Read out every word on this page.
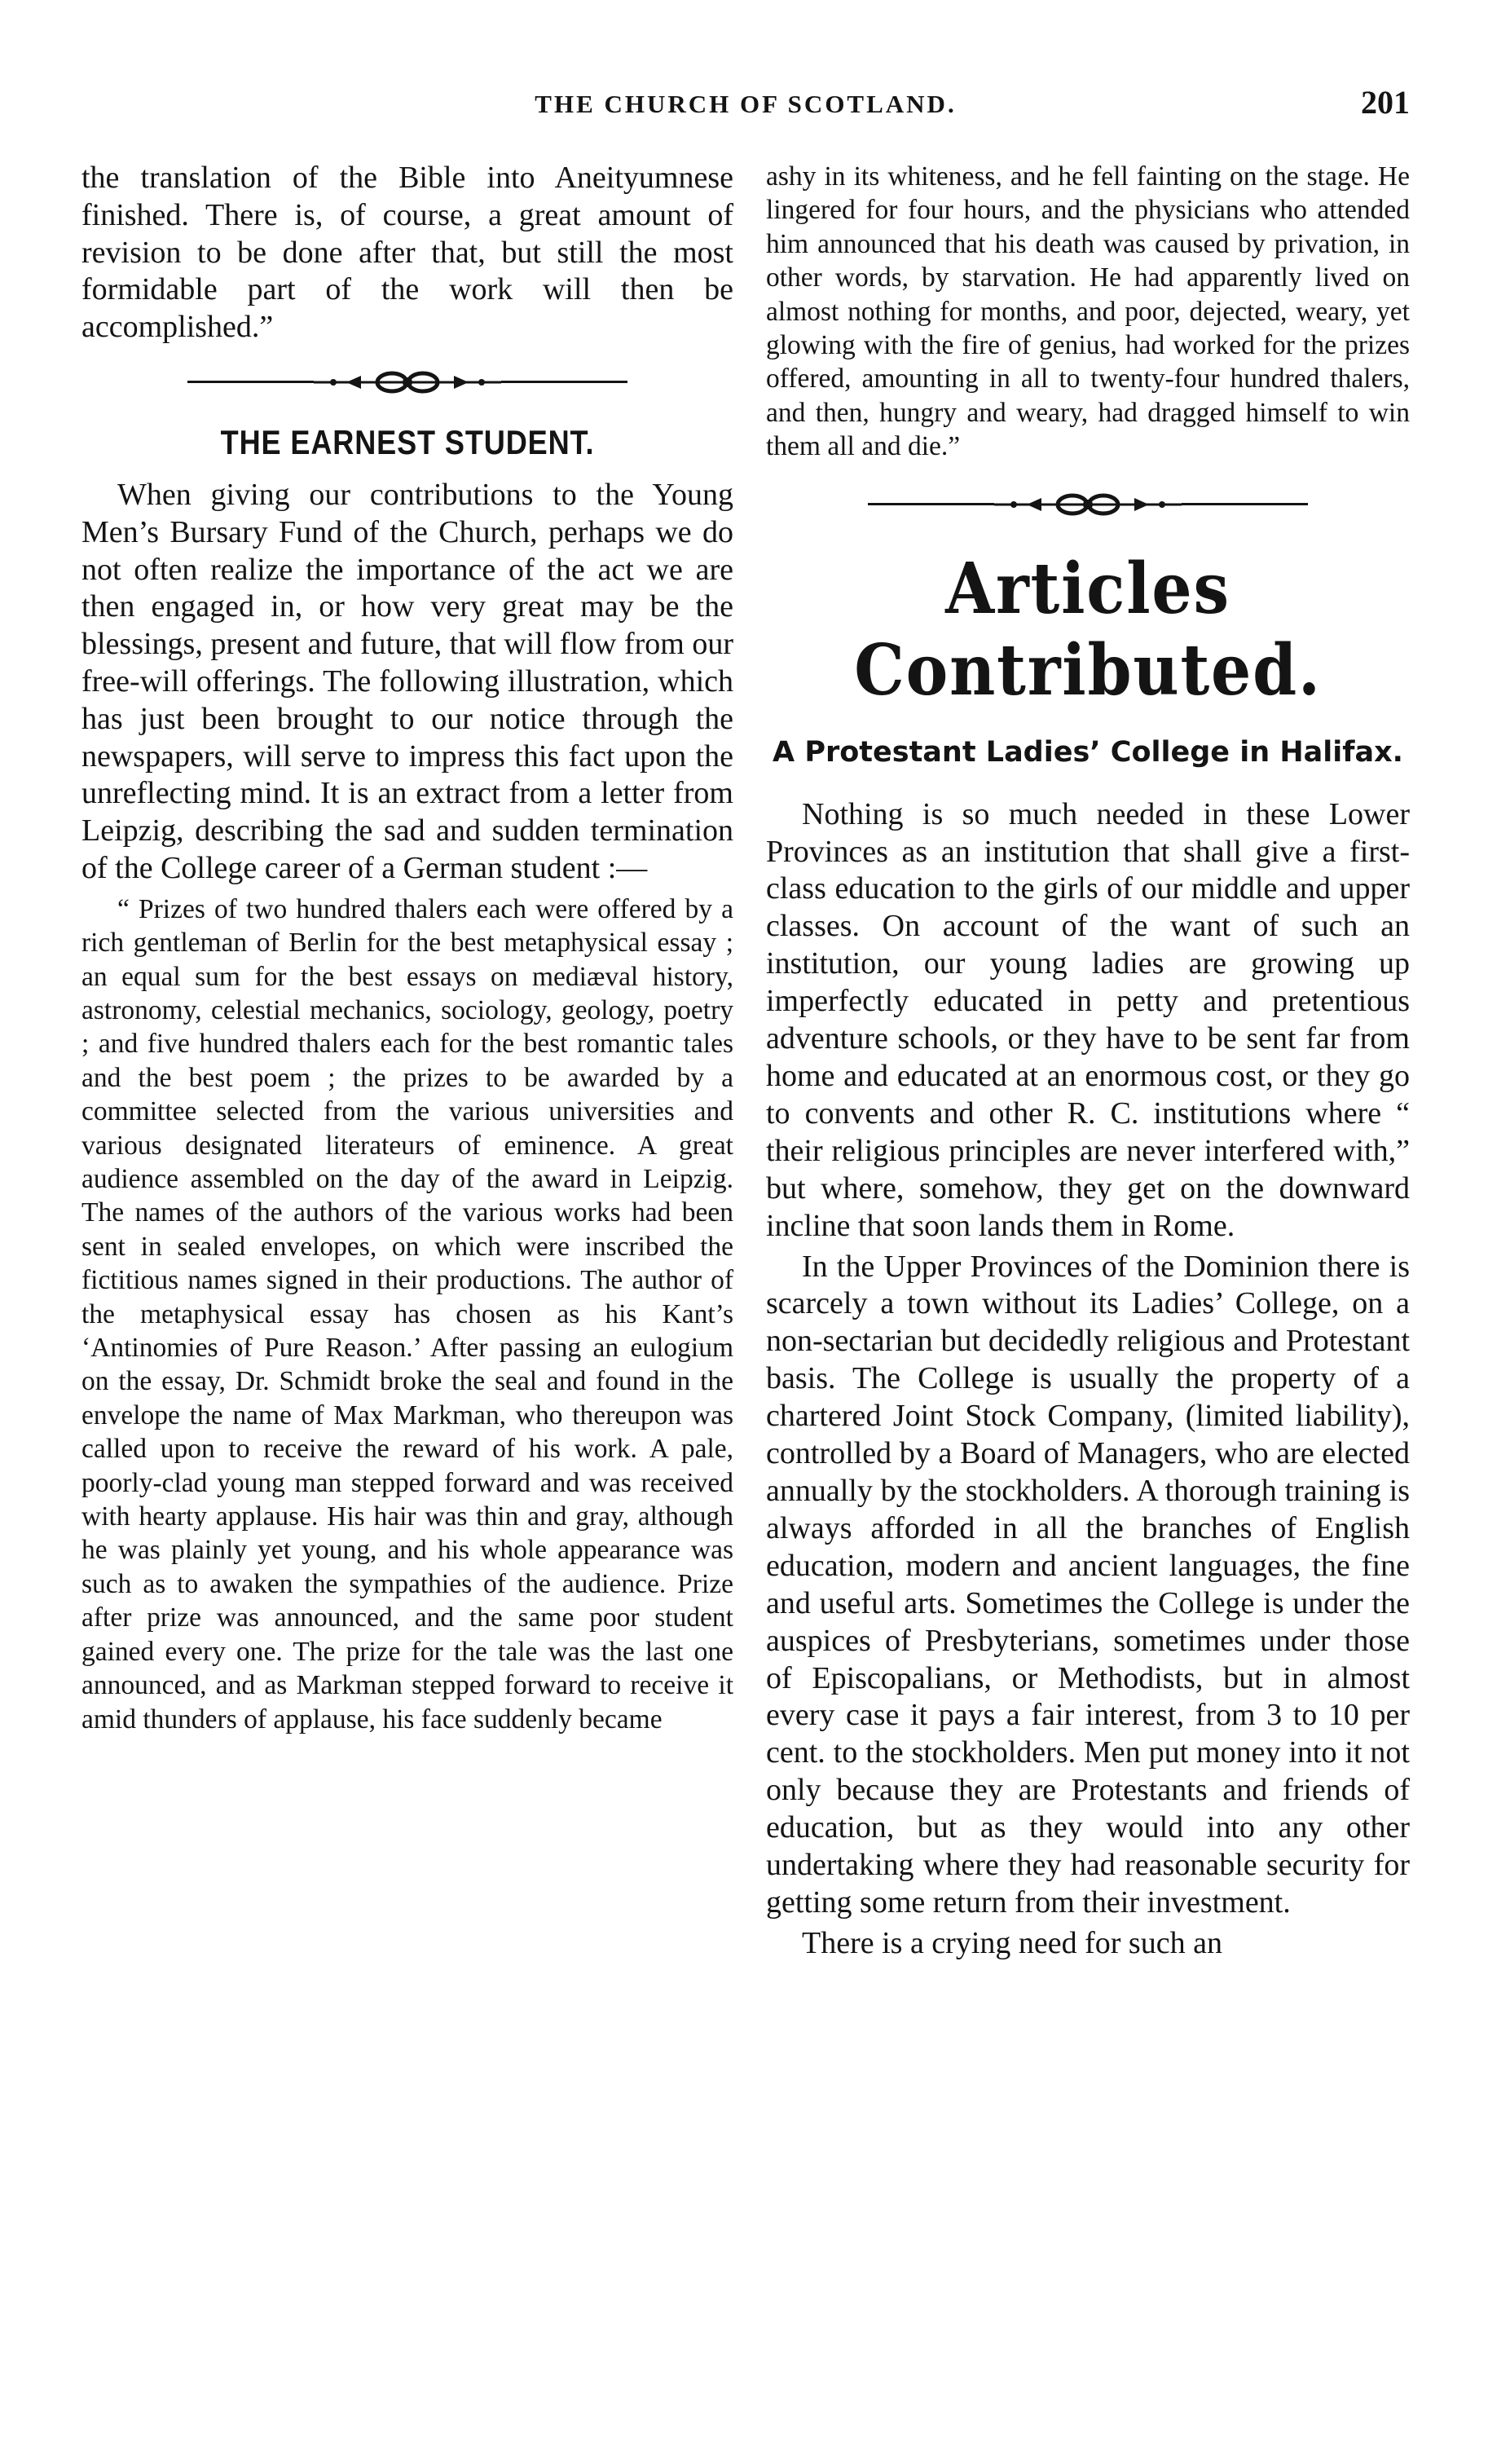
THE CHURCH OF SCOTLAND.	201

the translation of the Bible into Aneityumnese finished. There is, of course, a great amount of revision to be done after that, but still the most formidable part of the work will then be accomplished.”

THE EARNEST STUDENT.

When giving our contributions to the Young Men’s Bursary Fund of the Church, perhaps we do not often realize the importance of the act we are then engaged in, or how very great may be the blessings, present and future, that will flow from our free-will offerings. The following illustration, which has just been brought to our notice through the newspapers, will serve to impress this fact upon the unreflecting mind. It is an extract from a letter from Leipzig, describing the sad and sudden termination of the College career of a German student :—

“ Prizes of two hundred thalers each were offered by a rich gentleman of Berlin for the best metaphysical essay ; an equal sum for the best essays on mediæval history, astronomy, celestial mechanics, sociology, geology, poetry ; and five hundred thalers each for the best romantic tales and the best poem ; the prizes to be awarded by a committee selected from the various universities and various designated literateurs of eminence. A great audience assembled on the day of the award in Leipzig. The names of the authors of the various works had been sent in sealed envelopes, on which were inscribed the fictitious names signed in their productions. The author of the metaphysical essay has chosen as his Kant’s ‘Antinomies of Pure Reason.’ After passing an eulogium on the essay, Dr. Schmidt broke the seal and found in the envelope the name of Max Markman, who thereupon was called upon to receive the reward of his work. A pale, poorly-clad young man stepped forward and was received with hearty applause. His hair was thin and gray, although he was plainly yet young, and his whole appearance was such as to awaken the sympathies of the audience. Prize after prize was announced, and the same poor student gained every one. The prize for the tale was the last one announced, and as Markman stepped forward to receive it amid thunders of applause, his face suddenly became

ashy in its whiteness, and he fell fainting on the stage. He lingered for four hours, and the physicians who attended him announced that his death was caused by privation, in other words, by starvation. He had apparently lived on almost nothing for months, and poor, dejected, weary, yet glowing with the fire of genius, had worked for the prizes offered, amounting in all to twenty-four hundred thalers, and then, hungry and weary, had dragged himself to win them all and die.”

Articles Contributed.
A Protestant Ladies’ College in Halifax.

Nothing is so much needed in these Lower Provinces as an institution that shall give a first-class education to the girls of our middle and upper classes. On account of the want of such an institution, our young ladies are growing up imperfectly educated in petty and pretentious adventure schools, or they have to be sent far from home and educated at an enormous cost, or they go to convents and other R. C. institutions where “ their religious principles are never interfered with,” but where, somehow, they get on the downward incline that soon lands them in Rome.

In the Upper Provinces of the Dominion there is scarcely a town without its Ladies’ College, on a non-sectarian but decidedly religious and Protestant basis. The College is usually the property of a chartered Joint Stock Company, (limited liability), controlled by a Board of Managers, who are elected annually by the stockholders. A thorough training is always afforded in all the branches of English education, modern and ancient languages, the fine and useful arts. Sometimes the College is under the auspices of Presbyterians, sometimes under those of Episcopalians, or Methodists, but in almost every case it pays a fair interest, from 3 to 10 per cent. to the stockholders. Men put money into it not only because they are Protestants and friends of education, but as they would into any other undertaking where they had reasonable security for getting some return from their investment.

There is a crying need for such an
